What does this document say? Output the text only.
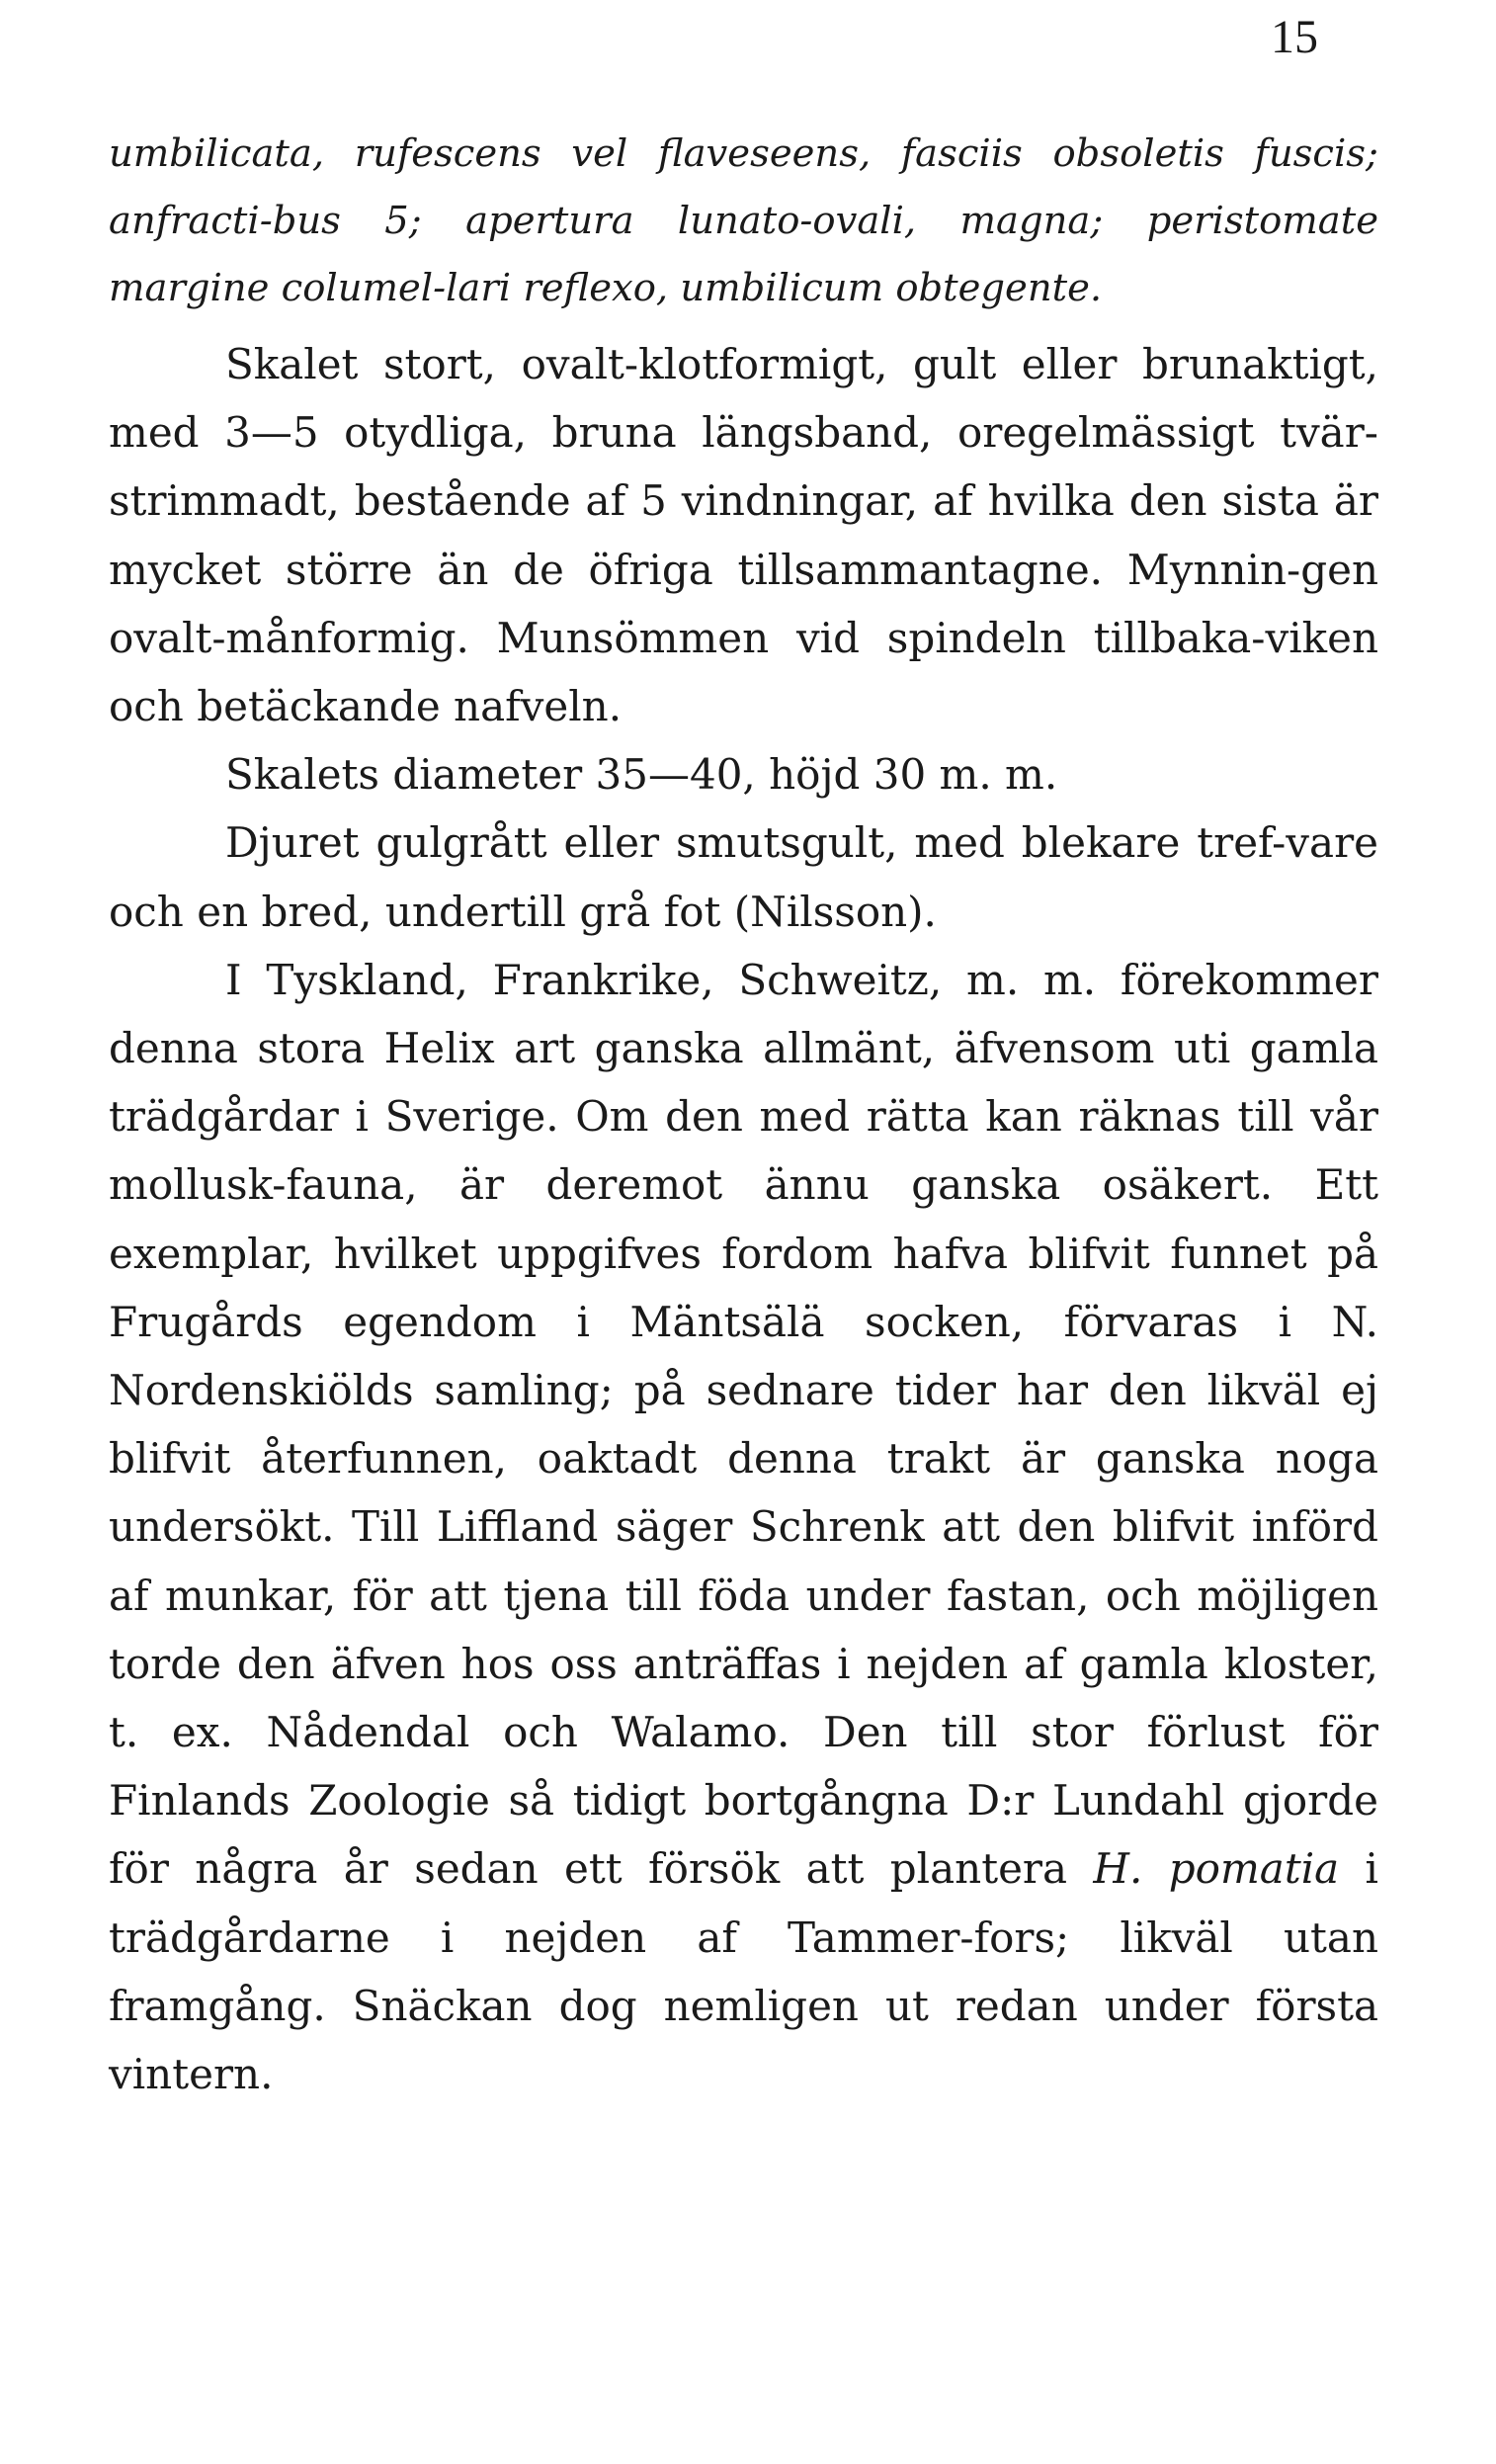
15
umbilicata, rufescens vel flaveseens, fasciis obsoletis fuscis; anfracti-bus 5; apertura lunato-ovali, magna; peristomate margine columel-lari reflexo, umbilicum obtegente.

Skalet stort, ovalt-klotformigt, gult eller brunaktigt, med 3—5 otydliga, bruna längsband, oregelmässigt tvär-strimmadt, bestående af 5 vindningar, af hvilka den sista är mycket större än de öfriga tillsammantagne. Mynnin-gen ovalt-månformig. Munsömmen vid spindeln tillbaka-viken och betäckande nafveln.

Skalets diameter 35—40, höjd 30 m. m.

Djuret gulgrått eller smutsgult, med blekare tref-vare och en bred, undertill grå fot (Nilsson).

I Tyskland, Frankrike, Schweitz, m. m. förekommer denna stora Helix art ganska allmänt, äfvensom uti gamla trädgårdar i Sverige. Om den med rätta kan räknas till vår mollusk-fauna, är deremot ännu ganska osäkert. Ett exemplar, hvilket uppgifves fordom hafva blifvit funnet på Frugårds egendom i Mäntsälä socken, förvaras i N. Nordenskiölds samling; på sednare tider har den likväl ej blifvit återfunnen, oaktadt denna trakt är ganska noga undersökt. Till Liffland säger Schrenk att den blifvit införd af munkar, för att tjena till föda under fastan, och möjligen torde den äfven hos oss anträffas i nejden af gamla kloster, t. ex. Nådendal och Walamo. Den till stor förlust för Finlands Zoologie så tidigt bortgångna D:r Lundahl gjorde för några år sedan ett försök att plantera H. pomatia i trädgårdarne i nejden af Tammer-fors; likväl utan framgång. Snäckan dog nemligen ut redan under första vintern.
